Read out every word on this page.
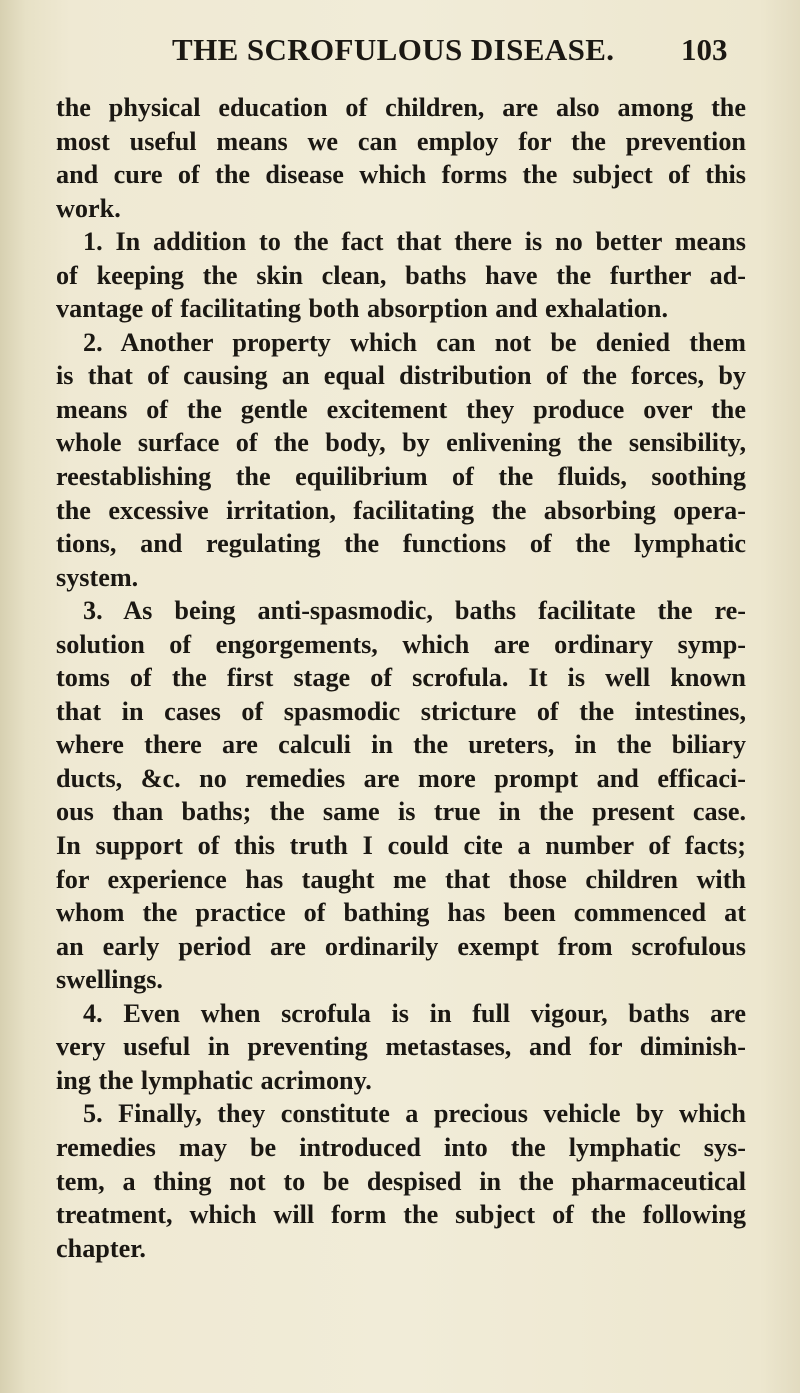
THE SCROFULOUS DISEASE. 103
the physical education of children, are also among the
most useful means we can employ for the prevention
and cure of the disease which forms the subject of this
work.
1. In addition to the fact that there is no better means
of keeping the skin clean, baths have the further ad-
vantage of facilitating both absorption and exhalation.
2. Another property which can not be denied them
is that of causing an equal distribution of the forces, by
means of the gentle excitement they produce over the
whole surface of the body, by enlivening the sensibility,
reestablishing the equilibrium of the fluids, soothing
the excessive irritation, facilitating the absorbing opera-
tions, and regulating the functions of the lymphatic
system.
3. As being anti-spasmodic, baths facilitate the re-
solution of engorgements, which are ordinary symp-
toms of the first stage of scrofula. It is well known
that in cases of spasmodic stricture of the intestines,
where there are calculi in the ureters, in the biliary
ducts, &c. no remedies are more prompt and efficaci-
ous than baths; the same is true in the present case.
In support of this truth I could cite a number of facts;
for experience has taught me that those children with
whom the practice of bathing has been commenced at
an early period are ordinarily exempt from scrofulous
swellings.
4. Even when scrofula is in full vigour, baths are
very useful in preventing metastases, and for diminish-
ing the lymphatic acrimony.
5. Finally, they constitute a precious vehicle by which
remedies may be introduced into the lymphatic sys-
tem, a thing not to be despised in the pharmaceutical
treatment, which will form the subject of the following
chapter.
